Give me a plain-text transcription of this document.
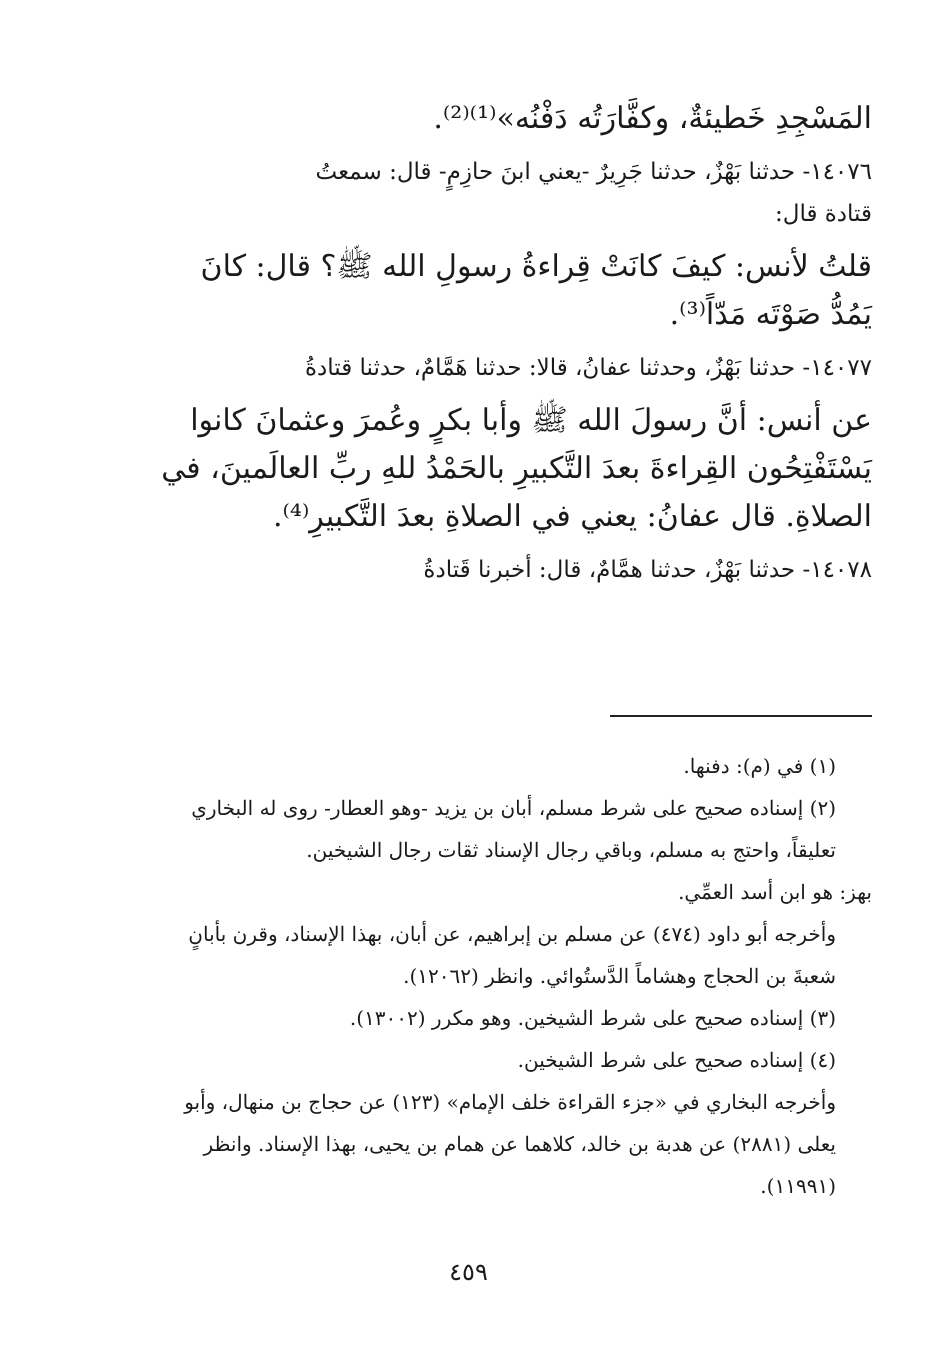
المَسْجِدِ خَطيئةٌ، وكفَّارَتُه دَفْنُه»⁽¹⁾⁽²⁾.

١٤٠٧٦- حدثنا بَهْزٌ، حدثنا جَرِيرٌ -يعني ابنَ حازِمٍ- قال: سمعتُ

قتادة قال:

قلتُ لأنس: كيفَ كانَتْ قِراءةُ رسولِ الله ﷺ؟ قال: كانَ يَمُدُّ صَوْتَه مَدّاً⁽³⁾.

١٤٠٧٧- حدثنا بَهْزٌ، وحدثنا عفانُ، قالا: حدثنا هَمَّامٌ، حدثنا قتادةُ

عن أنس: أنَّ رسولَ الله ﷺ وأبا بكرٍ وعُمرَ وعثمانَ كانوا يَسْتَفْتِحُون القِراءةَ بعدَ التَّكبيرِ بالحَمْدُ للهِ ربِّ العالَمينَ، في الصلاةِ. قال عفانُ: يعني في الصلاةِ بعدَ التَّكبيرِ⁽⁴⁾.

١٤٠٧٨- حدثنا بَهْزٌ، حدثنا همَّامٌ، قال: أخبرنا قَتادةُ

(١) في (م): دفنها.

(٢) إسناده صحيح على شرط مسلم، أبان بن يزيد -وهو العطار- روى له البخاري تعليقاً، واحتج به مسلم، وباقي رجال الإسناد ثقات رجال الشيخين.

بهز: هو ابن أسد العمِّي.

وأخرجه أبو داود (٤٧٤) عن مسلم بن إبراهيم، عن أبان، بهذا الإسناد، وقرن بأبانٍ شعبةَ بن الحجاج وهشاماً الدَّستُوائي. وانظر (١٢٠٦٢).

(٣) إسناده صحيح على شرط الشيخين. وهو مكرر (١٣٠٠٢).

(٤) إسناده صحيح على شرط الشيخين.

وأخرجه البخاري في «جزء القراءة خلف الإمام» (١٢٣) عن حجاج بن منهال، وأبو يعلى (٢٨٨١) عن هدبة بن خالد، كلاهما عن همام بن يحيى، بهذا الإسناد. وانظر (١١٩٩١).

٤٥٩
